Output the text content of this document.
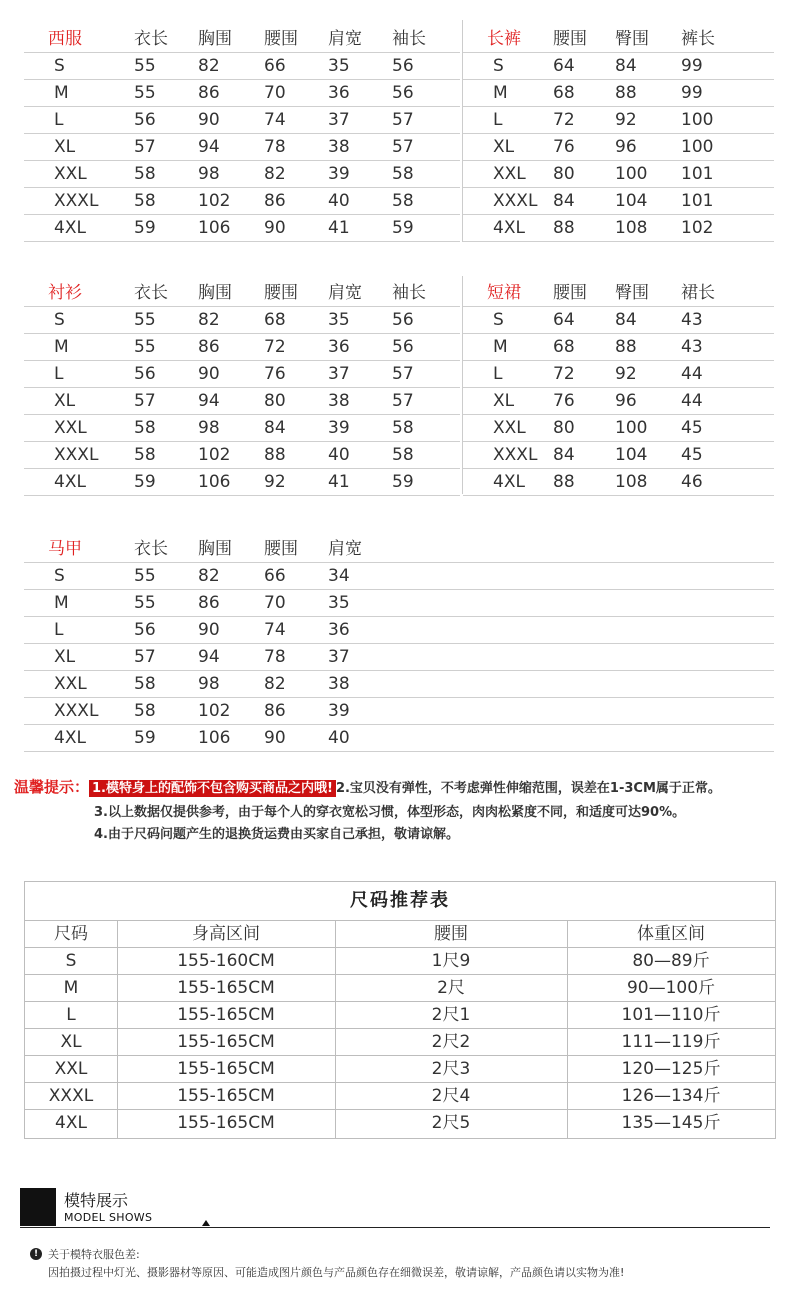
西服	衣长 胸围 腰围 肩宽 袖长
S	55 82	66 35 56
M	55 86	70 36 56
L	56 90	74 37 57
XL	57 94	78 38 57
XXL	58 98	82 39 58
XXXL 58 102 86 40 58
4XL	59 106 90 41 59
长裤 腰围 臀围 裤长
S	64 84	99
M	68 88	99
L	72 92	100
XL 76 96	100
XXL 80 100 101
XXXL 84 104 101
4XL 88 108 102
衬衫	衣长 胸围 腰围 肩宽 袖长
S	55 82	68 35 56
M	55 86	72 36 56
L	56 90	76 37 57
XL	57 94	80 38 57
XXL	58 98	84 39 58
XXXL 58 102 88 40 58
4XL	59 106 92 41 59
短裙 腰围 臀围 裙长
S	64 84	43
M	68 88	43
L	72 92	44
XL 76 96	44
XXL 80 100 45
XXXL 84 104 45
4XL 88 108 46
马甲	衣长 胸围 腰围 肩宽
S	55 82	66 34
M	55 86	70 35
L	56 90	74 36
XL	57 94	78 37
XXL	58 98	82 38
XXXL 58 102 86 39
4XL	59 106 90 40
温馨提示： 1.模特身上的配饰不包含购买商品之内哦! 2.宝贝没有弹性，不考虑弹性伸缩范围，误差在1-3CM属于正常。
3.以上数据仅提供参考，由于每个人的穿衣宽松习惯，体型形态，肉肉松紧度不同，和适度可达90%。
4.由于尺码问题产生的退换货运费由买家自己承担，敬请谅解。
尺码推荐表
尺码	身高区间	腰围	体重区间
S	155-160CM	1尺9	80—89斤
M	155-165CM	2尺	90—100斤
L	155-165CM	2尺1	101—110斤
XL	155-165CM	2尺2	111—119斤
XXL	155-165CM	2尺3	120—125斤
XXXL	155-165CM	2尺4	126—134斤
4XL	155-165CM	2尺5	135—145斤
模特展示
MODEL SHOWS
! 关于模特衣服色差:
因拍摄过程中灯光、摄影器材等原因、可能造成图片颜色与产品颜色存在细微误差，敬请谅解，产品颜色请以实物为准!
